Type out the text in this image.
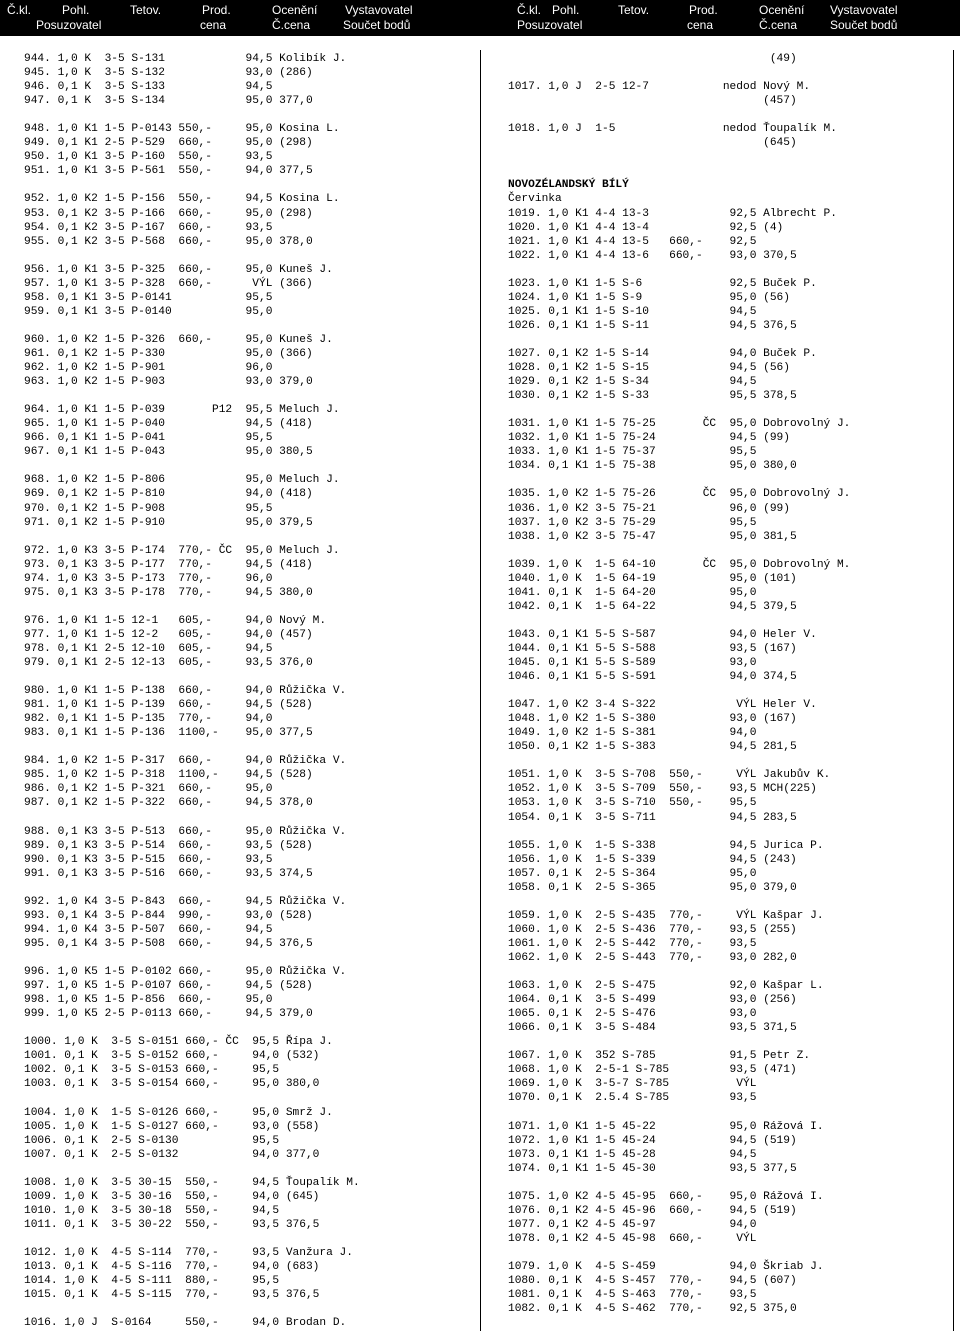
Č.kl.	Pohl.	Tetov.	Prod.	Ocenění Vystavovatel
Posuzovatel	cena	Č.cena	Součet bodů
Č.kl. Pohl.	Tetov.	Prod.	Ocenění Vystavovatel
Posuzovatel	cena	Č.cena	Součet bodů
944. 1,0 K  3-5 S-131            94,5 Kolibík J.
945. 1,0 K  3-5 S-132            93,0 (286)
946. 0,1 K  3-5 S-133            94,5
947. 0,1 K  3-5 S-134            95,0 377,0
948. 1,0 K1 1-5 P-0143 550,-     95,0 Kosina L.
949. 0,1 K1 2-5 P-529  660,-     95,0 (298)
950. 1,0 K1 3-5 P-160  550,-     93,5
951. 1,0 K1 3-5 P-561  550,-     94,0 377,5
952. 1,0 K2 1-5 P-156  550,-     94,5 Kosina L.
953. 0,1 K2 3-5 P-166  660,-     95,0 (298)
954. 0,1 K2 3-5 P-167  660,-     93,5
955. 0,1 K2 3-5 P-568  660,-     95,0 378,0
956. 1,0 K1 3-5 P-325  660,-     95,0 Kuneš J.
957. 1,0 K1 3-5 P-328  660,-      VÝL (366)
958. 0,1 K1 3-5 P-0141           95,5
959. 0,1 K1 3-5 P-0140           95,0
960. 1,0 K2 1-5 P-326  660,-     95,0 Kuneš J.
961. 0,1 K2 1-5 P-330            95,0 (366)
962. 1,0 K2 1-5 P-901            96,0
963. 1,0 K2 1-5 P-903            93,0 379,0
964. 1,0 K1 1-5 P-039       P12  95,5 Meluch J.
965. 1,0 K1 1-5 P-040            94,5 (418)
966. 0,1 K1 1-5 P-041            95,5
967. 0,1 K1 1-5 P-043            95,0 380,5
968. 1,0 K2 1-5 P-806            95,0 Meluch J.
969. 0,1 K2 1-5 P-810            94,0 (418)
970. 0,1 K2 1-5 P-908            95,5
971. 0,1 K2 1-5 P-910            95,0 379,5
972. 1,0 K3 3-5 P-174  770,- ČC  95,0 Meluch J.
973. 0,1 K3 3-5 P-177  770,-     94,5 (418)
974. 1,0 K3 3-5 P-173  770,-     96,0
975. 0,1 K3 3-5 P-178  770,-     94,5 380,0
976. 1,0 K1 1-5 12-1   605,-     94,0 Nový M.
977. 1,0 K1 1-5 12-2   605,-     94,0 (457)
978. 0,1 K1 2-5 12-10  605,-     94,5
979. 0,1 K1 2-5 12-13  605,-     93,5 376,0
980. 1,0 K1 1-5 P-138  660,-     94,0 Růžička V.
981. 1,0 K1 1-5 P-139  660,-     94,5 (528)
982. 0,1 K1 1-5 P-135  770,-     94,0
983. 0,1 K1 1-5 P-136  1100,-    95,0 377,5
984. 1,0 K2 1-5 P-317  660,-     94,0 Růžička V.
985. 1,0 K2 1-5 P-318  1100,-    94,5 (528)
986. 0,1 K2 1-5 P-321  660,-     95,0
987. 0,1 K2 1-5 P-322  660,-     94,5 378,0
988. 0,1 K3 3-5 P-513  660,-     95,0 Růžička V.
989. 0,1 K3 3-5 P-514  660,-     93,5 (528)
990. 0,1 K3 3-5 P-515  660,-     93,5
991. 0,1 K3 3-5 P-516  660,-     93,5 374,5
992. 1,0 K4 3-5 P-843  660,-     94,5 Růžička V.
993. 0,1 K4 3-5 P-844  990,-     93,0 (528)
994. 1,0 K4 3-5 P-507  660,-     94,5
995. 0,1 K4 3-5 P-508  660,-     94,5 376,5
996. 1,0 K5 1-5 P-0102 660,-     95,0 Růžička V.
997. 1,0 K5 1-5 P-0107 660,-     94,5 (528)
998. 1,0 K5 1-5 P-856  660,-     95,0
999. 1,0 K5 2-5 P-0113 660,-     94,5 379,0
1000. 1,0 K  3-5 S-0151 660,- ČC  95,5 Řípa J.
1001. 0,1 K  3-5 S-0152 660,-     94,0 (532)
1002. 0,1 K  3-5 S-0153 660,-     95,5
1003. 0,1 K  3-5 S-0154 660,-     95,0 380,0
1004. 1,0 K  1-5 S-0126 660,-     95,0 Smrž J.
1005. 1,0 K  1-5 S-0127 660,-     93,0 (558)
1006. 0,1 K  2-5 S-0130           95,5
1007. 0,1 K  2-5 S-0132           94,0 377,0
1008. 1,0 K  3-5 30-15  550,-     94,5 Ťoupalík M.
1009. 1,0 K  3-5 30-16  550,-     94,0 (645)
1010. 1,0 K  3-5 30-18  550,-     94,5
1011. 0,1 K  3-5 30-22  550,-     93,5 376,5
1012. 1,0 K  4-5 S-114  770,-     93,5 Vanžura J.
1013. 0,1 K  4-5 S-116  770,-     94,0 (683)
1014. 1,0 K  4-5 S-111  880,-     95,5
1015. 0,1 K  4-5 S-115  770,-     93,5 376,5
1016. 1,0 J  S-0164     550,-     94,0 Brodan D.
(49)
1017. 1,0 J  2-5 12-7           nedod Nový M.
(457)
1018. 1,0 J  1-5                nedod Ťoupalík M.
(645)
NOVOZÉLANDSKÝ BÍLÝ
Červinka
1019. 1,0 K1 4-4 13-3            92,5 Albrecht P.
1020. 1,0 K1 4-4 13-4            92,5 (4)
1021. 1,0 K1 4-4 13-5   660,-    92,5
1022. 1,0 K1 4-4 13-6   660,-    93,0 370,5
1023. 1,0 K1 1-5 S-6             92,5 Buček P.
1024. 1,0 K1 1-5 S-9             95,0 (56)
1025. 0,1 K1 1-5 S-10            94,5
1026. 0,1 K1 1-5 S-11            94,5 376,5
1027. 0,1 K2 1-5 S-14            94,0 Buček P.
1028. 0,1 K2 1-5 S-15            94,5 (56)
1029. 0,1 K2 1-5 S-34            94,5
1030. 0,1 K2 1-5 S-33            95,5 378,5
1031. 1,0 K1 1-5 75-25       ČC  95,0 Dobrovolný J.
1032. 1,0 K1 1-5 75-24           94,5 (99)
1033. 1,0 K1 1-5 75-37           95,5
1034. 0,1 K1 1-5 75-38           95,0 380,0
1035. 1,0 K2 1-5 75-26       ČC  95,0 Dobrovolný J.
1036. 1,0 K2 3-5 75-21           96,0 (99)
1037. 1,0 K2 3-5 75-29           95,5
1038. 1,0 K2 3-5 75-47           95,0 381,5
1039. 1,0 K  1-5 64-10       ČC  95,0 Dobrovolný M.
1040. 1,0 K  1-5 64-19           95,0 (101)
1041. 0,1 K  1-5 64-20           95,0
1042. 0,1 K  1-5 64-22           94,5 379,5
1043. 0,1 K1 5-5 S-587           94,0 Heler V.
1044. 0,1 K1 5-5 S-588           93,5 (167)
1045. 0,1 K1 5-5 S-589           93,0
1046. 0,1 K1 5-5 S-591           94,0 374,5
1047. 1,0 K2 3-4 S-322            VÝL Heler V.
1048. 1,0 K2 1-5 S-380           93,0 (167)
1049. 1,0 K2 1-5 S-381           94,0
1050. 0,1 K2 1-5 S-383           94,5 281,5
1051. 1,0 K  3-5 S-708  550,-     VÝL Jakubův K.
1052. 1,0 K  3-5 S-709  550,-    93,5 MCH(225)
1053. 1,0 K  3-5 S-710  550,-    95,5
1054. 0,1 K  3-5 S-711           94,5 283,5
1055. 1,0 K  1-5 S-338           94,5 Jurica P.
1056. 1,0 K  1-5 S-339           94,5 (243)
1057. 0,1 K  2-5 S-364           95,0
1058. 0,1 K  2-5 S-365           95,0 379,0
1059. 1,0 K  2-5 S-435  770,-     VÝL Kašpar J.
1060. 1,0 K  2-5 S-436  770,-    93,5 (255)
1061. 1,0 K  2-5 S-442  770,-    93,5
1062. 1,0 K  2-5 S-443  770,-    93,0 282,0
1063. 1,0 K  2-5 S-475           92,0 Kašpar L.
1064. 0,1 K  3-5 S-499           93,0 (256)
1065. 0,1 K  2-5 S-476           93,0
1066. 0,1 K  3-5 S-484           93,5 371,5
1067. 1,0 K  352 S-785           91,5 Petr Z.
1068. 1,0 K  2-5-1 S-785         93,5 (471)
1069. 1,0 K  3-5-7 S-785          VÝL
1070. 0,1 K  2.5.4 S-785         93,5
1071. 1,0 K1 1-5 45-22           95,0 Rážová I.
1072. 1,0 K1 1-5 45-24           94,5 (519)
1073. 0,1 K1 1-5 45-28           94,5
1074. 0,1 K1 1-5 45-30           93,5 377,5
1075. 1,0 K2 4-5 45-95  660,-    95,0 Rážová I.
1076. 0,1 K2 4-5 45-96  660,-    94,5 (519)
1077. 0,1 K2 4-5 45-97           94,0
1078. 0,1 K2 4-5 45-98  660,-     VÝL
1079. 1,0 K  4-5 S-459           94,0 Škriab J.
1080. 0,1 K  4-5 S-457  770,-    94,5 (607)
1081. 0,1 K  4-5 S-463  770,-    93,5
1082. 0,1 K  4-5 S-462  770,-    92,5 375,0
